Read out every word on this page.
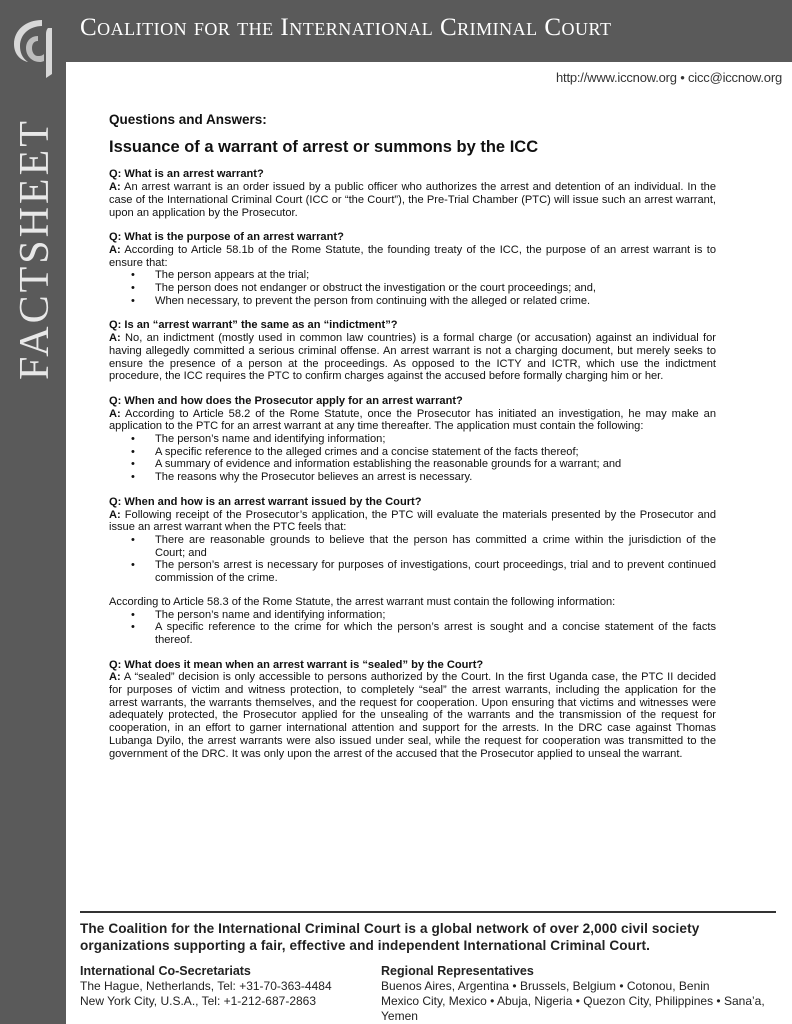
FACTSHEET
Coalition for the International Criminal Court
http://www.iccnow.org • cicc@iccnow.org
Questions and Answers:
Issuance of a warrant of arrest or summons by the ICC

Q: What is an arrest warrant?

A: An arrest warrant is an order issued by a public officer who authorizes the arrest and detention of an individual. In the case of the International Criminal Court (ICC or “the Court”), the Pre-Trial Chamber (PTC) will issue such an arrest warrant, upon an application by the Prosecutor.

Q: What is the purpose of an arrest warrant?

A: According to Article 58.1b of the Rome Statute, the founding treaty of the ICC, the purpose of an arrest warrant is to ensure that:

• The person appears at the trial;
• The person does not endanger or obstruct the investigation or the court proceedings; and,
• When necessary, to prevent the person from continuing with the alleged or related crime.

Q: Is an “arrest warrant” the same as an “indictment”?

A: No, an indictment (mostly used in common law countries) is a formal charge (or accusation) against an individual for having allegedly committed a serious criminal offense. An arrest warrant is not a charging document, but merely seeks to ensure the presence of a person at the proceedings. As opposed to the ICTY and ICTR, which use the indictment procedure, the ICC requires the PTC to confirm charges against the accused before formally charging him or her.

Q: When and how does the Prosecutor apply for an arrest warrant?

A: According to Article 58.2 of the Rome Statute, once the Prosecutor has initiated an investigation, he may make an application to the PTC for an arrest warrant at any time thereafter. The application must contain the following:

• The person’s name and identifying information;
• A specific reference to the alleged crimes and a concise statement of the facts thereof;
• A summary of evidence and information establishing the reasonable grounds for a warrant; and
• The reasons why the Prosecutor believes an arrest is necessary.

Q: When and how is an arrest warrant issued by the Court?

A: Following receipt of the Prosecutor’s application, the PTC will evaluate the materials presented by the Prosecutor and issue an arrest warrant when the PTC feels that:

• There are reasonable grounds to believe that the person has committed a crime within the jurisdiction of the Court; and
• The person’s arrest is necessary for purposes of investigations, court proceedings, trial and to prevent continued commission of the crime.

According to Article 58.3 of the Rome Statute, the arrest warrant must contain the following information:

• The person’s name and identifying information;
• A specific reference to the crime for which the person’s arrest is sought and a concise statement of the facts thereof.

Q: What does it mean when an arrest warrant is “sealed” by the Court?

A: A “sealed” decision is only accessible to persons authorized by the Court. In the first Uganda case, the PTC II decided for purposes of victim and witness protection, to completely “seal” the arrest warrants, including the application for the arrest warrants, the warrants themselves, and the request for cooperation. Upon ensuring that victims and witnesses were adequately protected, the Prosecutor applied for the unsealing of the warrants and the transmission of the request for cooperation, in an effort to garner international attention and support for the arrests. In the DRC case against Thomas Lubanga Dyilo, the arrest warrants were also issued under seal, while the request for cooperation was transmitted to the government of the DRC. It was only upon the arrest of the accused that the Prosecutor applied to unseal the warrant.

The Coalition for the International Criminal Court is a global network of over 2,000 civil society organizations supporting a fair, effective and independent International Criminal Court.
International Co-Secretariats
The Hague, Netherlands, Tel: +31-70-363-4484
New York City, U.S.A., Tel: +1-212-687-2863
Regional Representatives
Buenos Aires, Argentina • Brussels, Belgium • Cotonou, Benin
Mexico City, Mexico • Abuja, Nigeria • Quezon City, Philippines • Sana’a, Yemen
